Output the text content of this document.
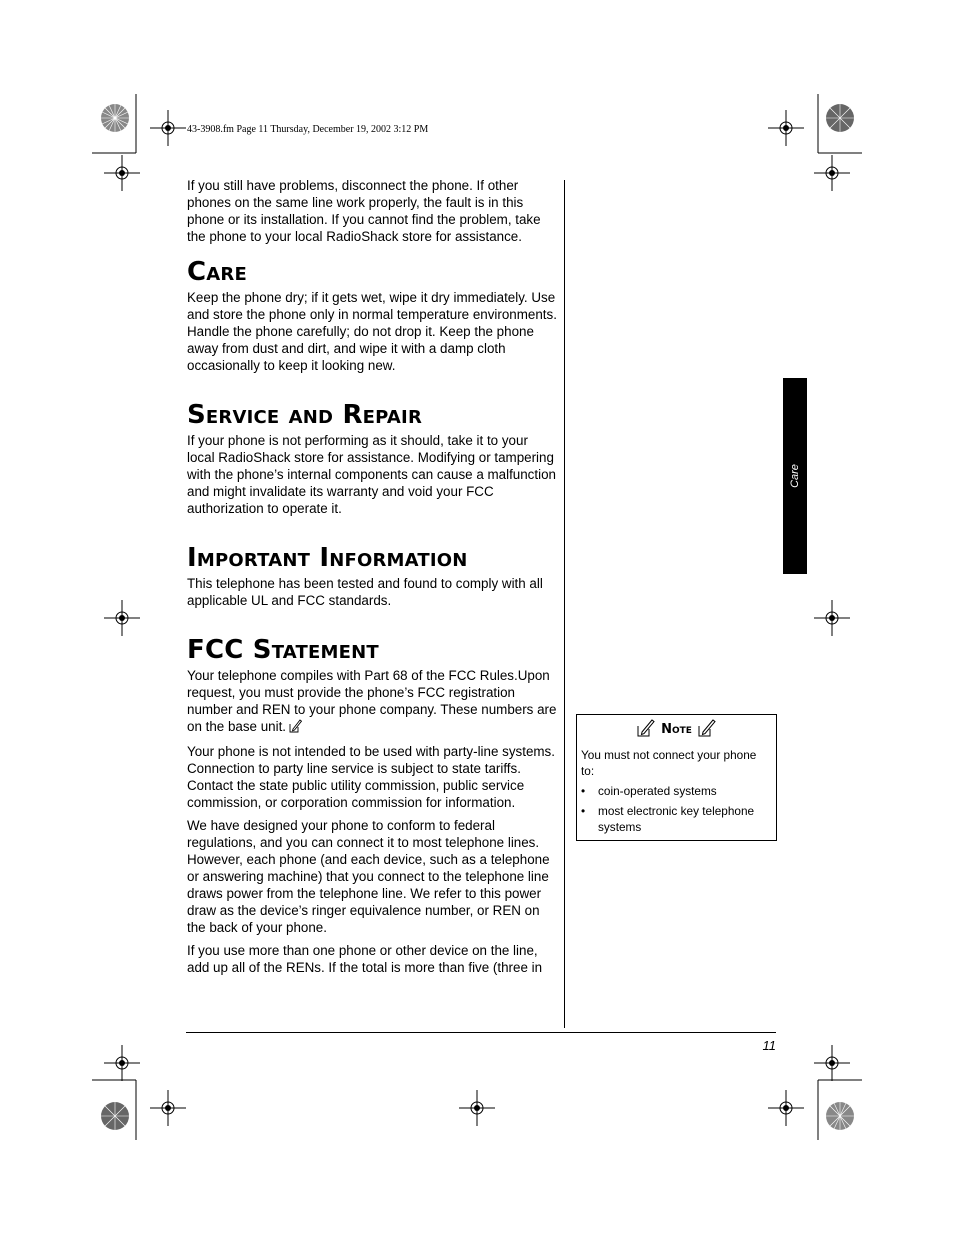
43-3908.fm Page 11 Thursday, December 19, 2002 3:12 PM

If you still have problems, disconnect the phone. If other phones on the same line work properly, the fault is in this phone or its installation. If you cannot find the problem, take the phone to your local RadioShack store for assistance.

Care

Keep the phone dry; if it gets wet, wipe it dry immediately. Use and store the phone only in normal temperature environments. Handle the phone carefully; do not drop it. Keep the phone away from dust and dirt, and wipe it with a damp cloth occasionally to keep it looking new.

Service and Repair

If your phone is not performing as it should, take it to your local RadioShack store for assistance. Modifying or tampering with the phone’s internal components can cause a malfunction and might invalidate its warranty and void your FCC authorization to operate it.

Important Information

This telephone has been tested and found to comply with all applicable UL and FCC standards.

FCC Statement

Your telephone compiles with Part 68 of the FCC Rules.Upon request, you must provide the phone’s FCC registration number and REN to your phone company. These numbers are on the base unit.

Your phone is not intended to be used with party-line systems. Connection to party line service is subject to state tariffs. Contact the state public utility commission, public service commission, or corporation commission for information.

We have designed your phone to conform to federal regulations, and you can connect it to most telephone lines. However, each phone (and each device, such as a telephone or answering machine) that you connect to the telephone line draws power from the telephone line. We refer to this power draw as the device’s ringer equivalence number, or REN on the back of your phone.

If you use more than one phone or other device on the line, add up all of the RENs. If the total is more than five (three in

Care
Note

You must not connect your phone to:

• coin-operated systems
• most electronic key telephone systems
11
